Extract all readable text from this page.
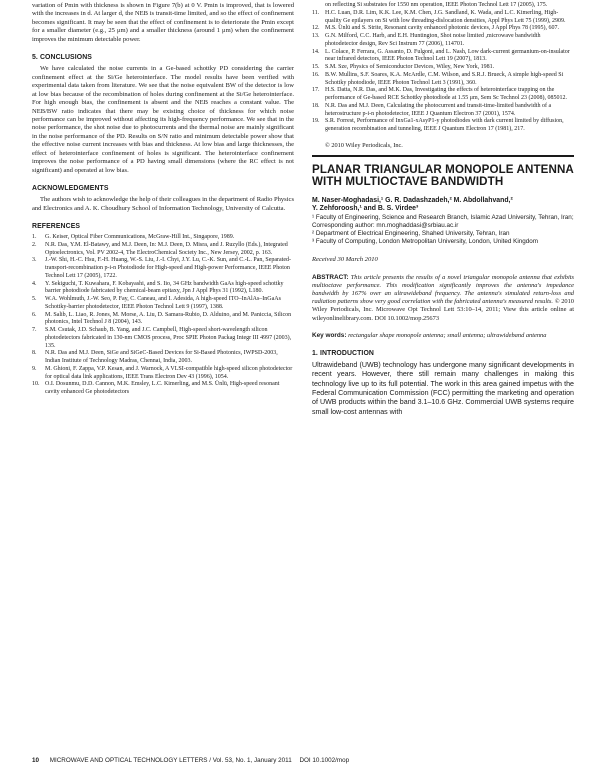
variation of Pmin with thickness is shown in Figure 7(b) at 0 V. Pmin is improved, that is lowered with the increases in d. At larger d, the NEB is transit-time limited, and so the effect of confinement becomes significant. It may be seen that the effect of confinement is to deteriorate the Pmin except for a smaller diameter (e.g., 25 μm) and a smaller thickness (around 1 μm) when the confinement improves the minimum detectable power.

5. CONCLUSIONS

We have calculated the noise currents in a Ge-based schottky PD considering the carrier confinement effect at the Si/Ge heterointerface. The model results have been verified with experimental data taken from literature. We see that the noise equivalent BW of the detector is low at low bias because of the recombination of holes during confinement at the Si/Ge heterointerface. For high enough bias, the confinement is absent and the NEB reaches a constant value. The NEB/BW ratio indicates that there may be existing choice of thickness for which noise performance can be improved without affecting its high-frequency performance. We see that in the noise performance, the shot noise due to photocurrents and the thermal noise are mainly significant in the noise performance of the PD. Results on S/N ratio and minimum detectable power show that the effective noise current increases with bias and thickness. At low bias and large thicknesses, the effect of heterointerface confinement of holes is significant. The heterointerface confinement improves the noise performance of a PD having small dimensions (where the RC effect is not significant) and operated at low bias.

ACKNOWLEDGMENTS

The authors wish to acknowledge the help of their colleagues in the department of Radio Physics and Electronics and A. K. Choudhury School of Information Technology, University of Calcutta.

REFERENCES
1.	G. Keiser, Optical Fiber Communications, McGraw-Hill Int., Singapore, 1989.
2.	N.R. Das, Y.M. El-Batawy, and M.J. Deen, In: M.J. Deen, D. Misra, and J. Ruzyllo (Eds.), Integrated Optoelectronics, Vol. PV 2002-4, The ElectroChemical Society Inc., New Jersey, 2002, p. 163.
3.	J.-W. Shi, H.-C. Hsu, F.-H. Huang, W.-S. Liu, J.-I. Chyi, J.Y. Lu, C.-K. Sun, and C.-L. Pan, Separated-transport-recombination p-i-n Photodiode for High-speed and High-power Performance, IEEE Photon Technol Lett 17 (2005), 1722.
4.	Y. Sekiguchi, T. Kuwahara, F. Kobayashi, and S. Iio, 34 GHz bandwidth GaAs high-speed schottky barrier photodiode fabricated by chemical-beam epitaxy, Jpn J Appl Phys 31 (1992), L180.
5.	W.A. Wohlmuth, J.-W. Seo, P. Fay, C. Caneau, and I. Adesida, A high-speed ITO–InAlAs–InGaAs Schottky-barrier photodetector, IEEE Photon Technol Lett 9 (1997), 1388.
6.	M. Salib, L. Liao, R. Jones, M. Morse, A. Liu, D. Samara-Rubio, D. Alduino, and M. Paniccia, Silicon photonics, Intel Technol J 8 (2004), 143.
7.	S.M. Csutak, J.D. Schaub, B. Yang, and J.C. Campbell, High-speed short-wavelength silicon photodetectors fabricated in 130-nm CMOS process, Proc SPIE Photon Packag Integr III 4997 (2003), 135.
8.	N.R. Das and M.J. Deen, SiGe and SiGeC-Based Devices for Si-Based Photonics, IWPSD-2003, Indian Institute of Technology Madras, Chennai, India, 2003.
9.	M. Ghioni, F. Zappa, V.P. Kesan, and J. Warnock, A VLSI-compatible high-speed silicon photodetector for optical data link applications, IEEE Trans Electron Dev 43 (1996), 1054.
10. O.I. Dosunmu, D.D. Cannon, M.K. Emsley, L.C. Kimerling, and M.S. Ünlü, High-speed resonant cavity enhanced Ge photodetectors
on reflecting Si substrates for 1550 nm operation, IEEE Photon Technol Lett 17 (2005), 175.
11. H.C. Luan, D.R. Lim, K.K. Lee, K.M. Chen, J.G. Sandland, K. Wada, and L.C. Kimerling, High-quality Ge epilayers on Si with low threading-dislocation densities, Appl Phys Lett 75 (1999), 2909.
12. M.S. Ünlü and S. Strite, Resonant cavity enhanced photonic devices, J Appl Phys 78 (1995), 607.
13. G.N. Milford, C.C. Harb, and E.H. Huntington, Shot noise limited ,microwave bandwidth photodetector design, Rev Sci Instrum 77 (2006), 114701.
14. L. Colace, P. Ferrara, G. Assanto, D. Fulgoni, and L. Nash, Low dark-current germanium-on-insulator near infrared detectors, IEEE Photon Technol Lett 19 (2007), 1813.
15. S.M. Sze, Physics of Semiconductor Devices, Wiley, New York, 1981.
16. B.W. Mullins, S.F. Soares, K.A. McArdle, C.M. Wilson, and S.R.J. Brueck, A simple high-speed Si Schottky photodiode, IEEE Photon Technol Lett 3 (1991), 360.
17. H.S. Datta, N.R. Das, and M.K. Das, Investigating the effects of heterointerface trapping on the performance of Ge-based RCE Schottky photodiode at 1.55 μm, Sem Sc Technol 23 (2008), 085012.
18. N.R. Das and M.J. Deen, Calculating the photocurrent and transit-time-limited bandwidth of a heterostructure p-i-n photodetector, IEEE J Quantum Electron 37 (2001), 1574.
19. S.R. Forrest, Performance of InxGa1-xAsyP1-y photodiodes with dark current limited by diffusion, generation recombination and tunneling, IEEE J Quantum Electron 17 (1981), 217.

© 2010 Wiley Periodicals, Inc.

PLANAR TRIANGULAR MONOPOLE ANTENNA WITH MULTIOCTAVE BANDWIDTH

M. Naser-Moghadasi,¹ G. R. Dadashzadeh,² M. Abdollahvand,²

Y. Zehforoosh,¹ and B. S. Virdee³

¹ Faculty of Engineering, Science and Research Branch, Islamic Azad University, Tehran, Iran; Corresponding author: mn.moghaddasi@srbiau.ac.ir

² Department of Electrical Engineering, Shahed University, Tehran, Iran

³ Faculty of Computing, London Metropolitan University, London, United Kingdom

Received 30 March 2010

ABSTRACT: This article presents the results of a novel triangular monopole antenna that exhibits multioctave performance. This modification significantly improves the antenna's impedance bandwidth by 167% over an ultrawideband frequency. The antenna's simulated return-loss and radiation patterns show very good correlation with the fabricated antenna's measured results. © 2010 Wiley Periodicals, Inc. Microwave Opt Technol Lett 53:10–14, 2011; View this article online at wileyonlinelibrary.com. DOI 10.1002/mop.25673

Key words: rectangular shape monopole antenna; small antenna; ultrawideband antenna

1. INTRODUCTION

Ultrawideband (UWB) technology has undergone many significant developments in recent years. However, there still remain many challenges in making this technology live up to its full potential. The work in this area gained impetus with the Federal Communication Commission (FCC) permitting the marketing and operation of UWB products within the band 3.1–10.6 GHz. Commercial UWB systems require small low-cost antennas with

10 MICROWAVE AND OPTICAL TECHNOLOGY LETTERS / Vol. 53, No. 1, January 2011 DOI 10.1002/mop
